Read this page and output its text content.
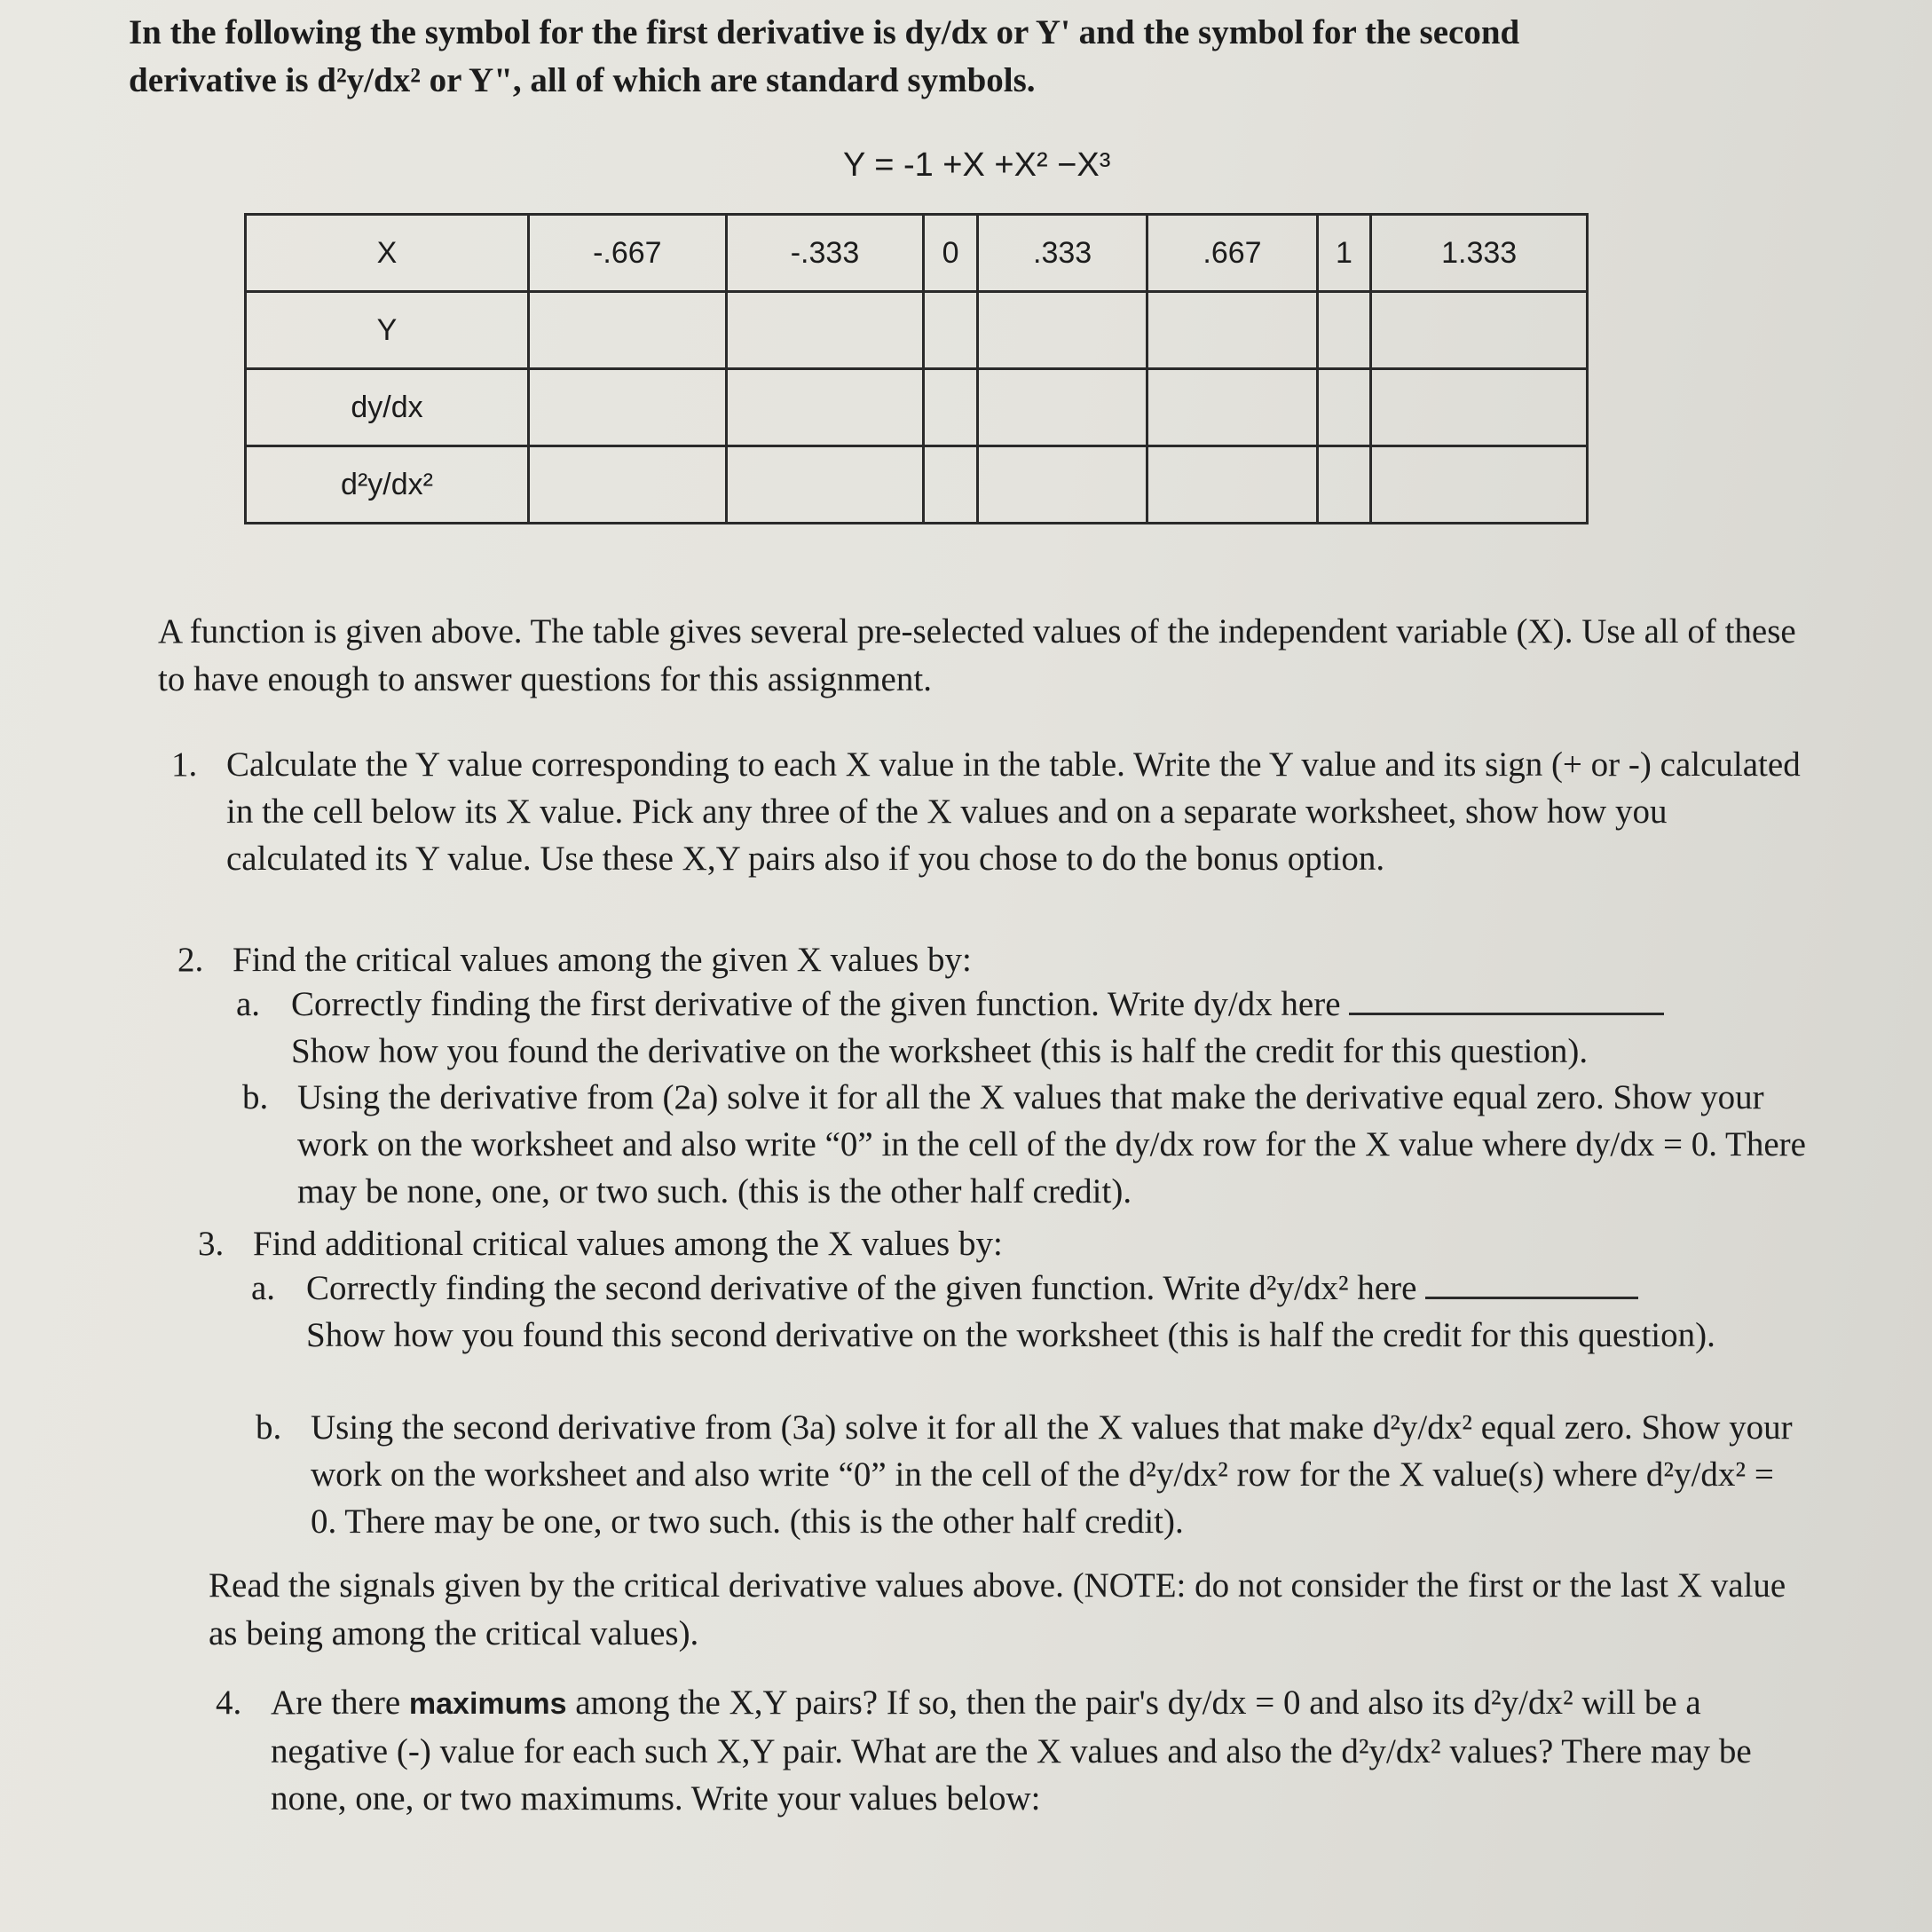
In the following the symbol for the first derivative is dy/dx or Y' and the symbol for the second
derivative is d²y/dx² or Y", all of which are standard symbols.
Y = -1 +X +X² −X³
X	-.667	-.333	0	.333	.667	1	1.333
Y							
dy/dx							
d²y/dx²							
A function is given above. The table gives several pre-selected values of the independent variable (X). Use all of these to have enough to answer questions for this assignment.
1. Calculate the Y value corresponding to each X value in the table. Write the Y value and its sign (+ or -) calculated in the cell below its X value. Pick any three of the X values and on a separate worksheet, show how you calculated its Y value. Use these X,Y pairs also if you chose to do the bonus option.
2. Find the critical values among the given X values by:
a. Correctly finding the first derivative of the given function. Write dy/dx here
Show how you found the derivative on the worksheet (this is half the credit for this question).
b. Using the derivative from (2a) solve it for all the X values that make the derivative equal zero. Show your work on the worksheet and also write “0” in the cell of the dy/dx row for the X value where dy/dx = 0. There may be none, one, or two such. (this is the other half credit).
3. Find additional critical values among the X values by:
a. Correctly finding the second derivative of the given function. Write d²y/dx² here
Show how you found this second derivative on the worksheet (this is half the credit for this question).
b. Using the second derivative from (3a) solve it for all the X values that make d²y/dx² equal zero. Show your work on the worksheet and also write “0” in the cell of the d²y/dx² row for the X value(s) where d²y/dx² = 0. There may be one, or two such. (this is the other half credit).
Read the signals given by the critical derivative values above. (NOTE: do not consider the first or the last X value as being among the critical values).
4. Are there maximums among the X,Y pairs? If so, then the pair's dy/dx = 0 and also its d²y/dx² will be a negative (-) value for each such X,Y pair. What are the X values and also the d²y/dx² values? There may be none, one, or two maximums. Write your values below:
